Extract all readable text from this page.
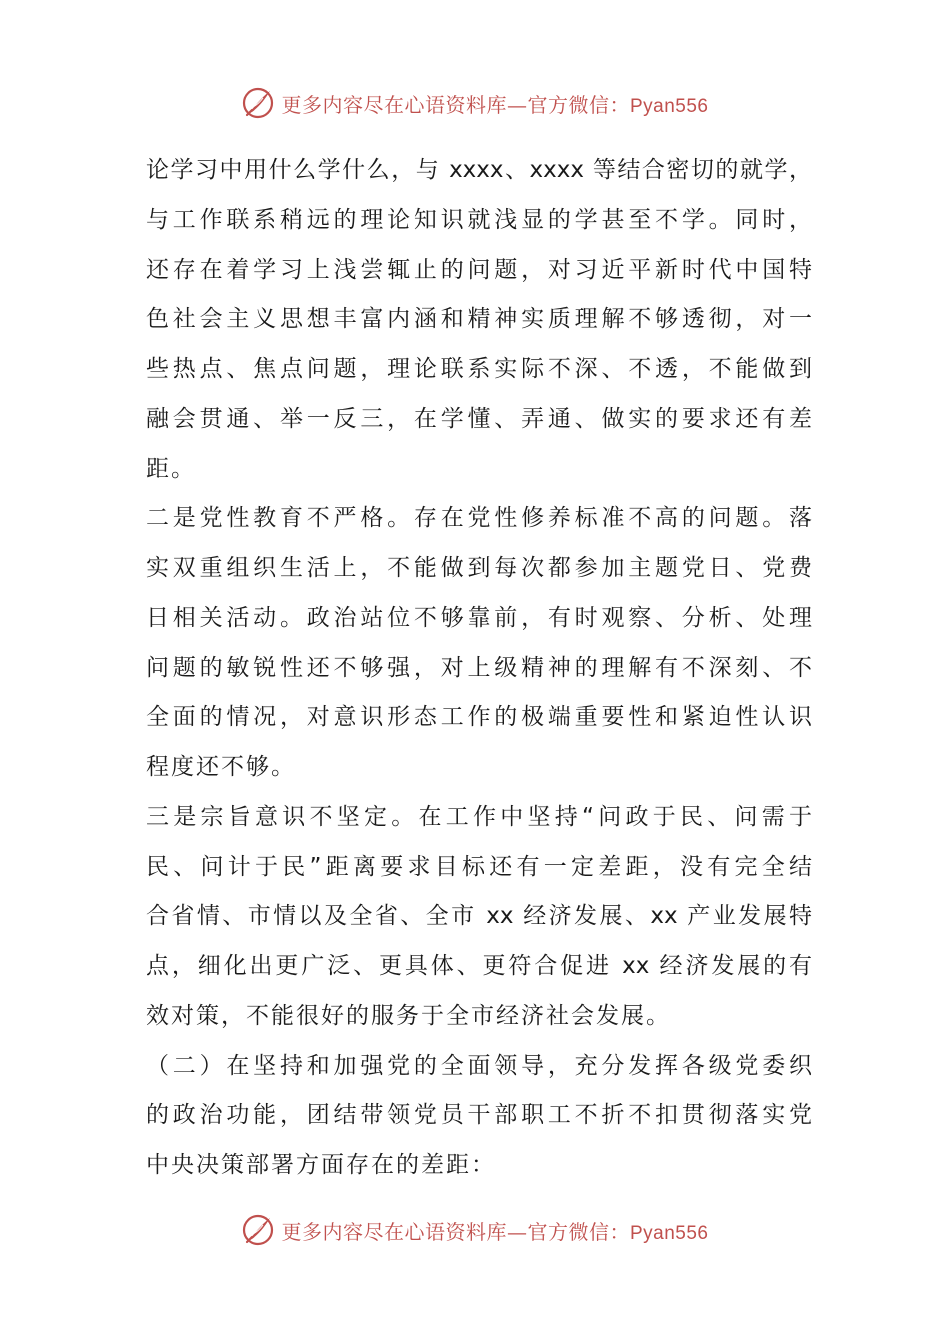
更多内容尽在心语资料库—官方微信：Pyan556
论学习中用什么学什么，与 xxxx、xxxx 等结合密切的就学，
与工作联系稍远的理论知识就浅显的学甚至不学。同时，
还存在着学习上浅尝辄止的问题，对习近平新时代中国特
色社会主义思想丰富内涵和精神实质理解不够透彻，对一
些热点、焦点问题，理论联系实际不深、不透，不能做到
融会贯通、举一反三，在学懂、弄通、做实的要求还有差
距。
二是党性教育不严格。存在党性修养标准不高的问题。落
实双重组织生活上，不能做到每次都参加主题党日、党费
日相关活动。政治站位不够靠前，有时观察、分析、处理
问题的敏锐性还不够强，对上级精神的理解有不深刻、不
全面的情况，对意识形态工作的极端重要性和紧迫性认识
程度还不够。
三是宗旨意识不坚定。在工作中坚持“问政于民、问需于
民、问计于民”距离要求目标还有一定差距，没有完全结
合省情、市情以及全省、全市 xx 经济发展、xx 产业发展特
点，细化出更广泛、更具体、更符合促进 xx 经济发展的有
效对策，不能很好的服务于全市经济社会发展。
（二）在坚持和加强党的全面领导，充分发挥各级党委织
的政治功能，团结带领党员干部职工不折不扣贯彻落实党
中央决策部署方面存在的差距：
更多内容尽在心语资料库—官方微信：Pyan556
